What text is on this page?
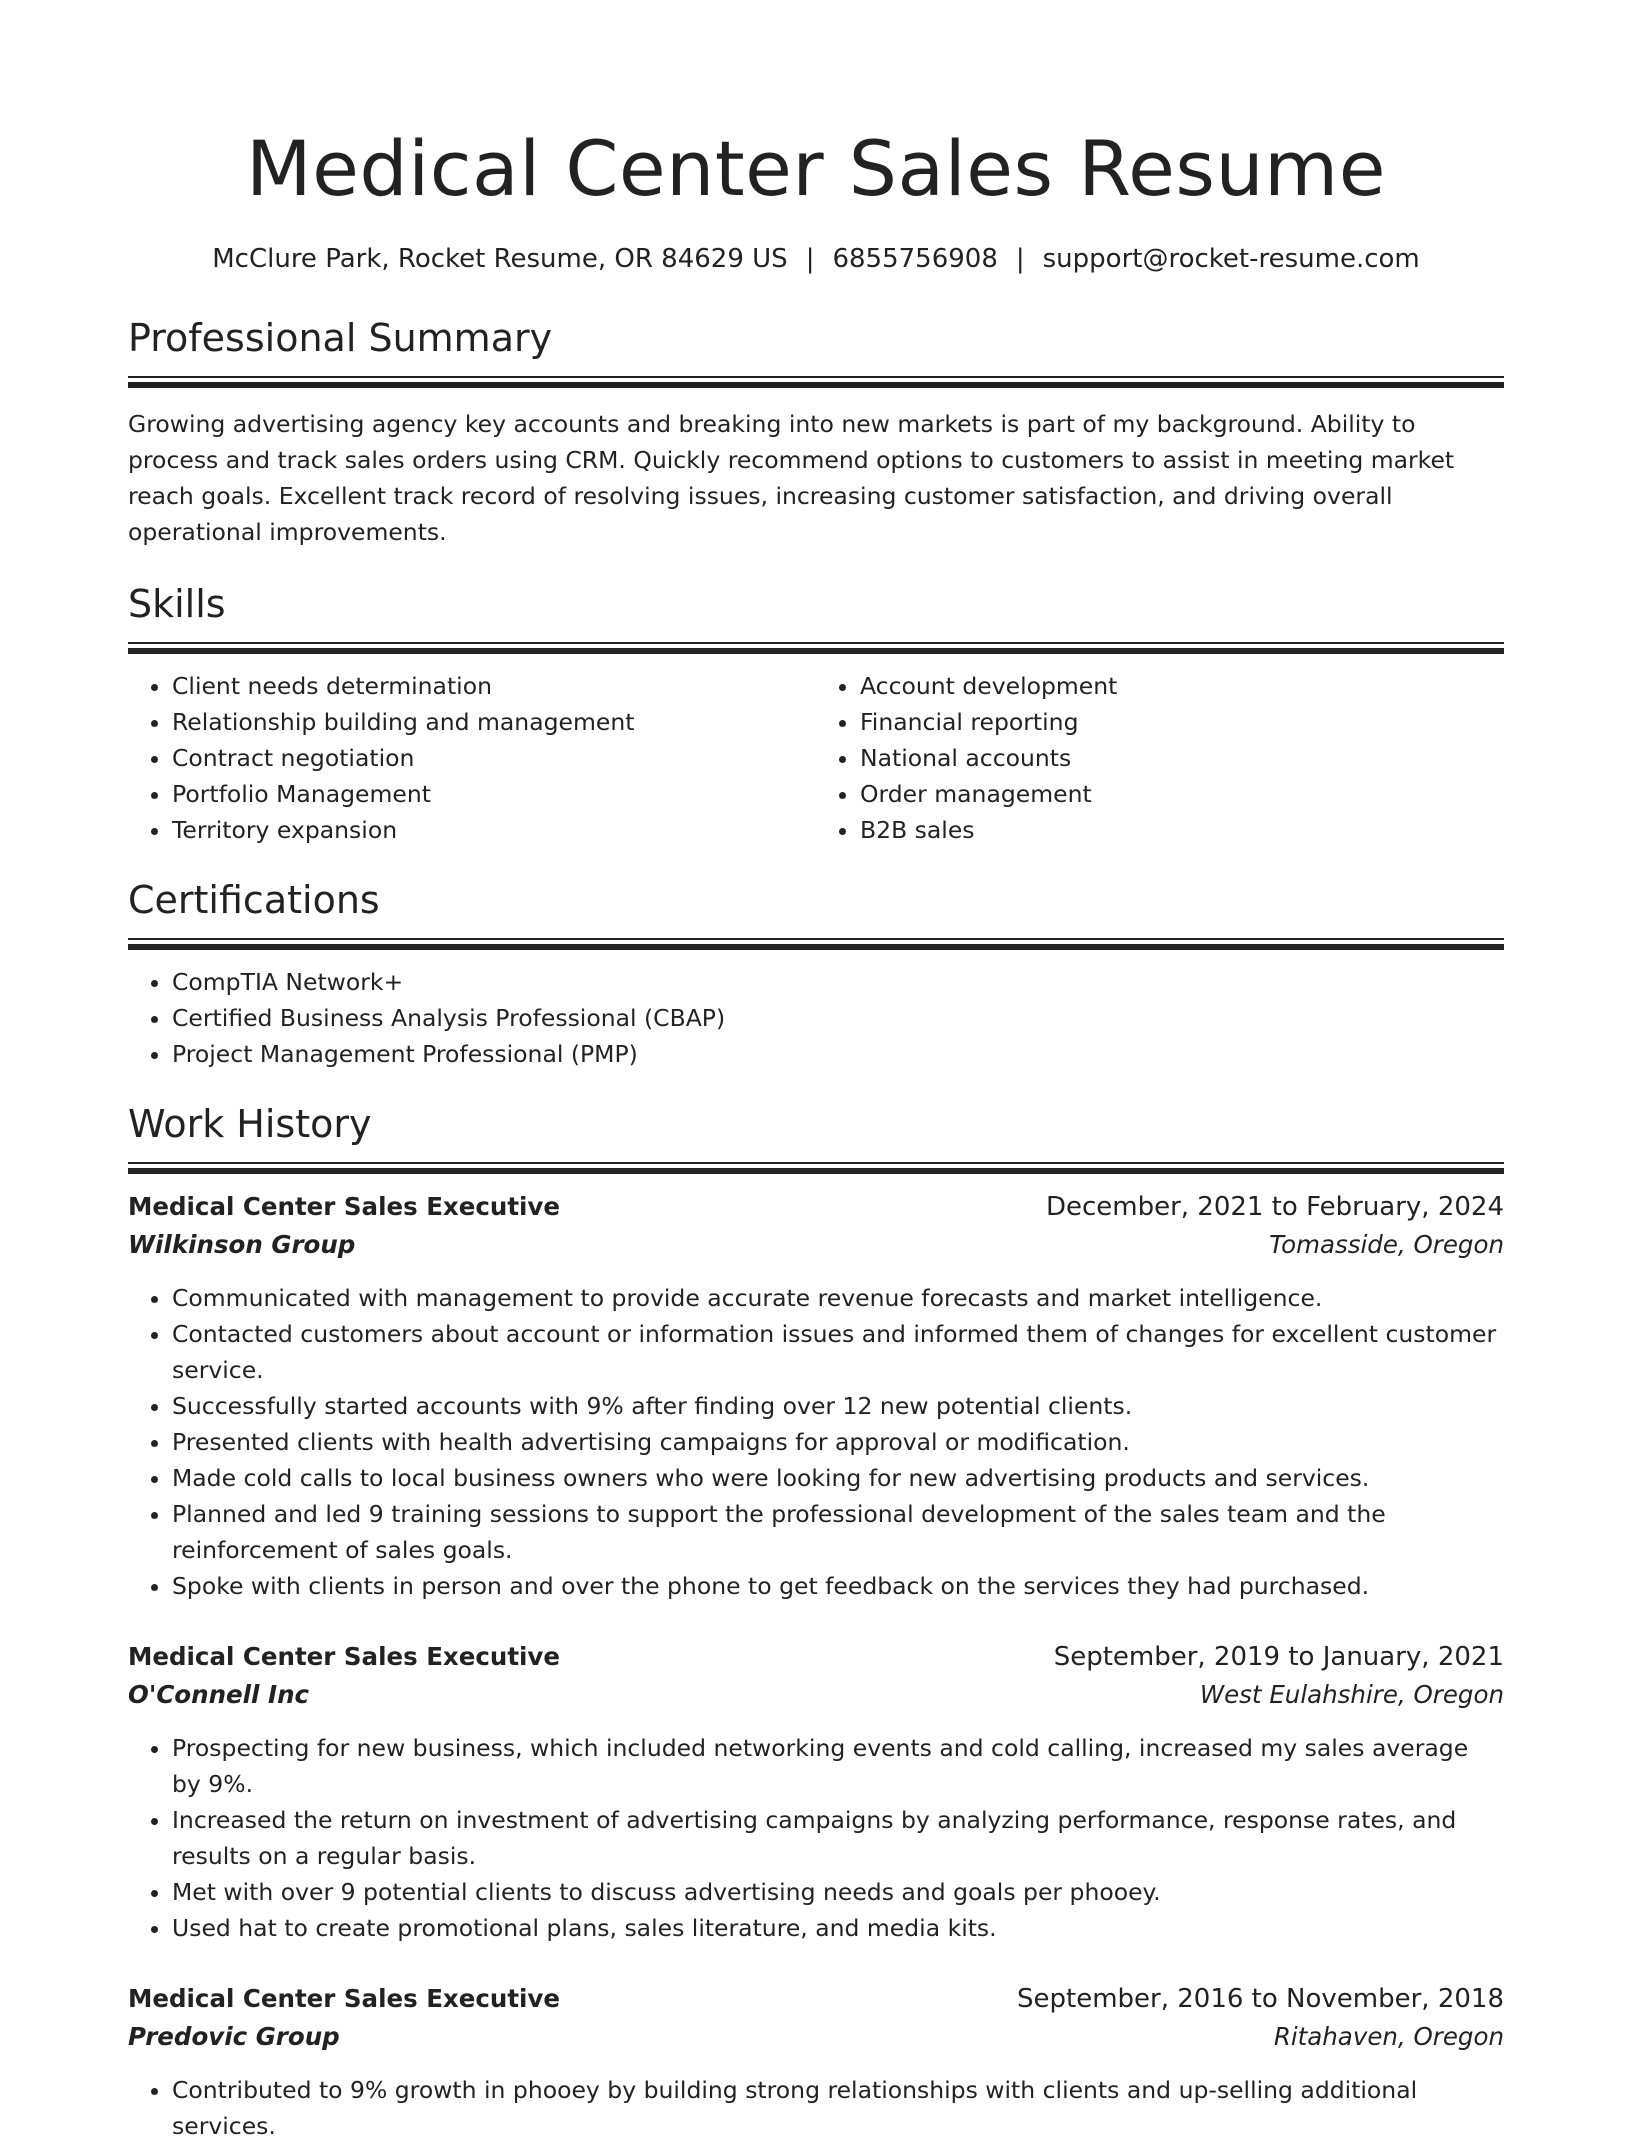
Medical Center Sales Resume
McClure Park, Rocket Resume, OR 84629 US | 6855756908 | support@rocket-resume.com
Professional Summary

Growing advertising agency key accounts and breaking into new markets is part of my background. Ability to process and track sales orders using CRM. Quickly recommend options to customers to assist in meeting market reach goals. Excellent track record of resolving issues, increasing customer satisfaction, and driving overall operational improvements.

Skills
• Client needs determination
• Relationship building and management
• Contract negotiation
• Portfolio Management
• Territory expansion
• Account development
• Financial reporting
• National accounts
• Order management
• B2B sales
Certifications
• CompTIA Network+
• Certified Business Analysis Professional (CBAP)
• Project Management Professional (PMP)
Work History
Medical Center Sales Executive	December, 2021 to February, 2024
Wilkinson Group	Tomasside, Oregon
• Communicated with management to provide accurate revenue forecasts and market intelligence.
• Contacted customers about account or information issues and informed them of changes for excellent customer service.
• Successfully started accounts with 9% after finding over 12 new potential clients.
• Presented clients with health advertising campaigns for approval or modification.
• Made cold calls to local business owners who were looking for new advertising products and services.
• Planned and led 9 training sessions to support the professional development of the sales team and the reinforcement of sales goals.
• Spoke with clients in person and over the phone to get feedback on the services they had purchased.
Medical Center Sales Executive	September, 2019 to January, 2021
O'Connell Inc	West Eulahshire, Oregon
• Prospecting for new business, which included networking events and cold calling, increased my sales average by 9%.
• Increased the return on investment of advertising campaigns by analyzing performance, response rates, and results on a regular basis.
• Met with over 9 potential clients to discuss advertising needs and goals per phooey.
• Used hat to create promotional plans, sales literature, and media kits.
Medical Center Sales Executive	September, 2016 to November, 2018
Predovic Group	Ritahaven, Oregon
• Contributed to 9% growth in phooey by building strong relationships with clients and up-selling additional services.
